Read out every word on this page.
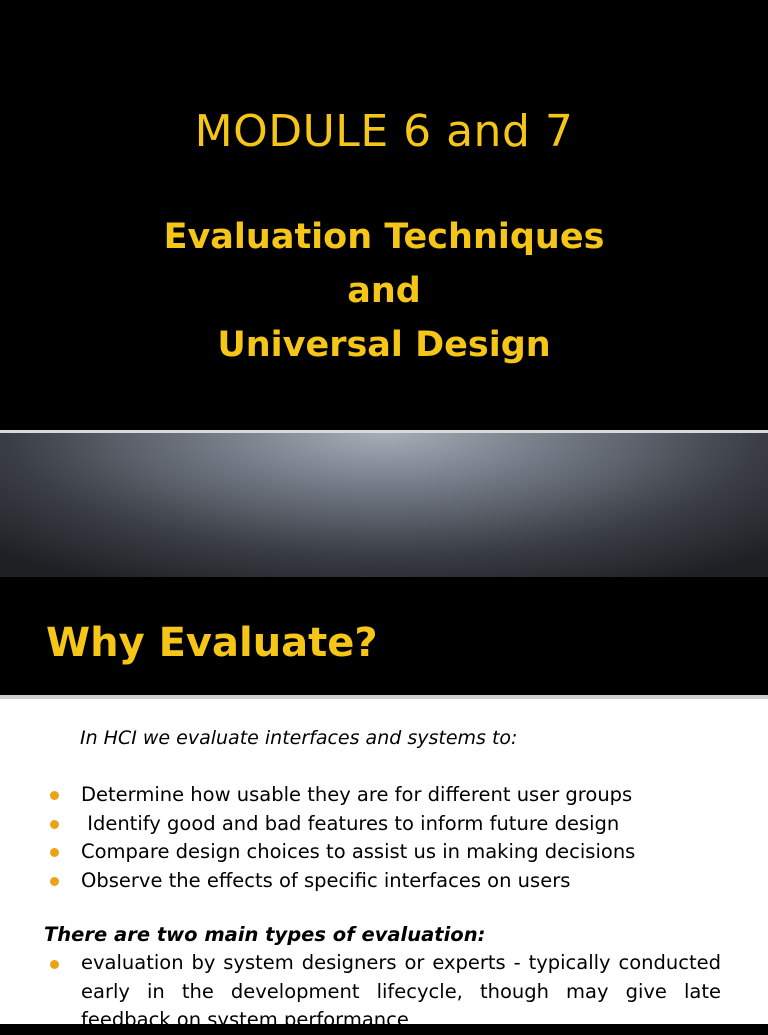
MODULE 6 and 7
Evaluation Techniques
and
Universal Design
Why Evaluate?

In HCI we evaluate interfaces and systems to:

Determine how usable they are for different user groups
Identify good and bad features to inform future design
Compare design choices to assist us in making decisions
Observe the effects of specific interfaces on users

There are two main types of evaluation:

evaluation by system designers or experts - typically conducted early in the development lifecycle, though may give late feedback on system performance
